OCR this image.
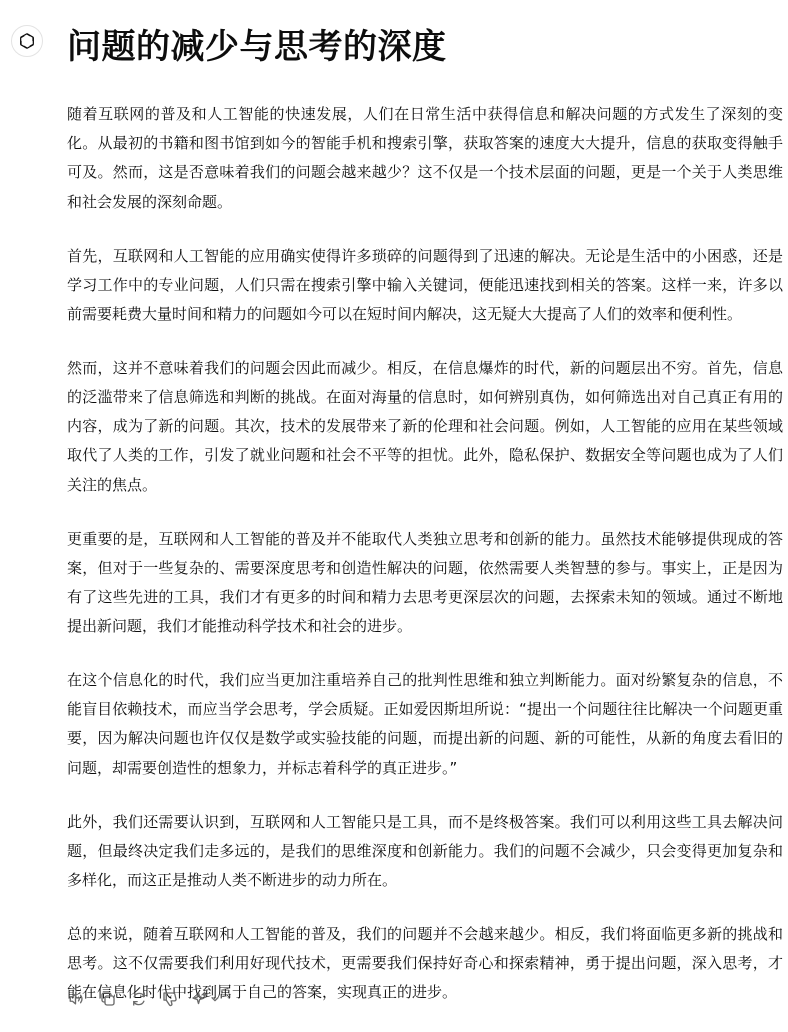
问题的减少与思考的深度

随着互联网的普及和人工智能的快速发展，人们在日常生活中获得信息和解决问题的方式发生了深刻的变化。从最初的书籍和图书馆到如今的智能手机和搜索引擎，获取答案的速度大大提升，信息的获取变得触手可及。然而，这是否意味着我们的问题会越来越少？这不仅是一个技术层面的问题，更是一个关于人类思维和社会发展的深刻命题。

首先，互联网和人工智能的应用确实使得许多琐碎的问题得到了迅速的解决。无论是生活中的小困惑，还是学习工作中的专业问题，人们只需在搜索引擎中输入关键词，便能迅速找到相关的答案。这样一来，许多以前需要耗费大量时间和精力的问题如今可以在短时间内解决，这无疑大大提高了人们的效率和便利性。

然而，这并不意味着我们的问题会因此而减少。相反，在信息爆炸的时代，新的问题层出不穷。首先，信息的泛滥带来了信息筛选和判断的挑战。在面对海量的信息时，如何辨别真伪，如何筛选出对自己真正有用的内容，成为了新的问题。其次，技术的发展带来了新的伦理和社会问题。例如，人工智能的应用在某些领域取代了人类的工作，引发了就业问题和社会不平等的担忧。此外，隐私保护、数据安全等问题也成为了人们关注的焦点。

更重要的是，互联网和人工智能的普及并不能取代人类独立思考和创新的能力。虽然技术能够提供现成的答案，但对于一些复杂的、需要深度思考和创造性解决的问题，依然需要人类智慧的参与。事实上，正是因为有了这些先进的工具，我们才有更多的时间和精力去思考更深层次的问题，去探索未知的领域。通过不断地提出新问题，我们才能推动科学技术和社会的进步。

在这个信息化的时代，我们应当更加注重培养自己的批判性思维和独立判断能力。面对纷繁复杂的信息，不能盲目依赖技术，而应当学会思考，学会质疑。正如爱因斯坦所说：“提出一个问题往往比解决一个问题更重要，因为解决问题也许仅仅是数学或实验技能的问题，而提出新的问题、新的可能性，从新的角度去看旧的问题，却需要创造性的想象力，并标志着科学的真正进步。”

此外，我们还需要认识到，互联网和人工智能只是工具，而不是终极答案。我们可以利用这些工具去解决问题，但最终决定我们走多远的，是我们的思维深度和创新能力。我们的问题不会减少，只会变得更加复杂和多样化，而这正是推动人类不断进步的动力所在。

总的来说，随着互联网和人工智能的普及，我们的问题并不会越来越少。相反，我们将面临更多新的挑战和思考。这不仅需要我们利用好现代技术，更需要我们保持好奇心和探索精神，勇于提出问题，深入思考，才能在信息化时代中找到属于自己的答案，实现真正的进步。
